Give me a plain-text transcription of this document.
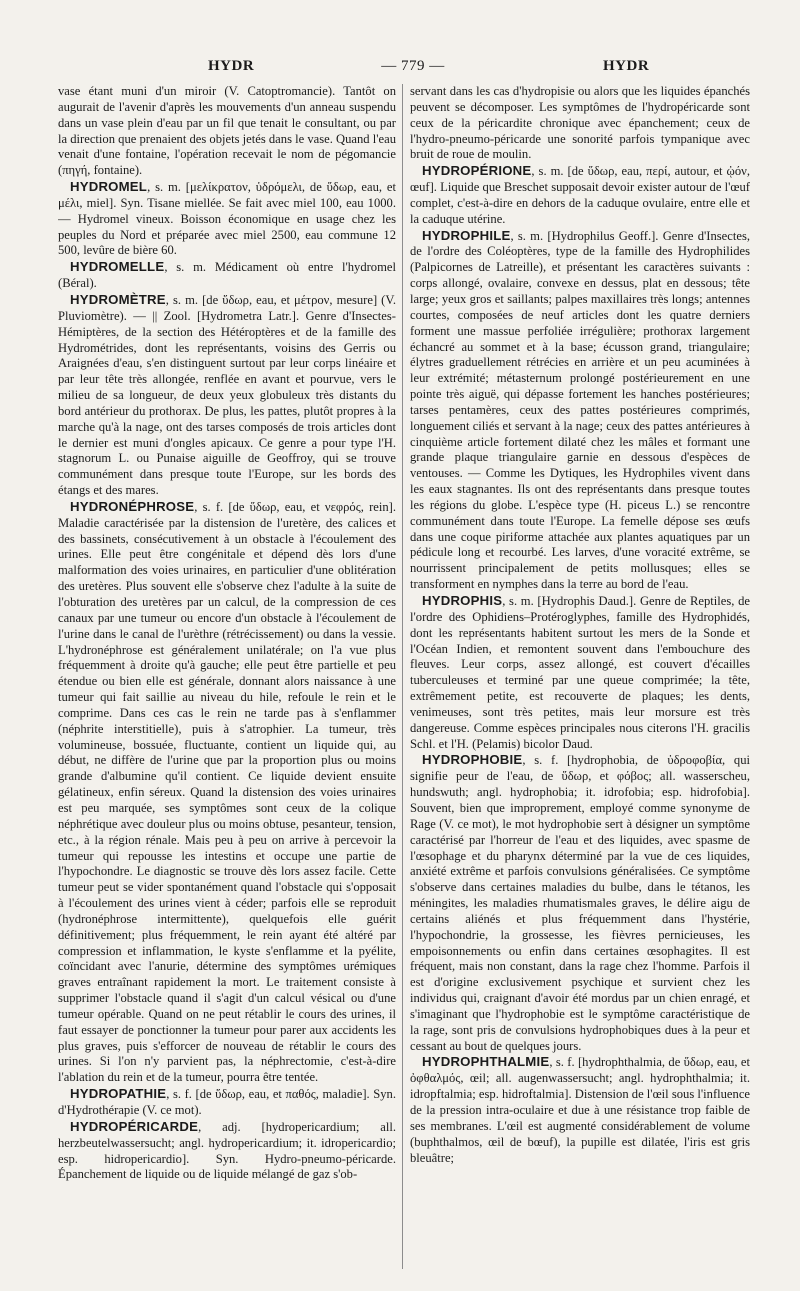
HYDR	— 779 —	HYDR

vase étant muni d'un miroir (V. Catoptromancie). Tantôt on augurait de l'avenir d'après les mouvements d'un anneau suspendu dans un vase plein d'eau par un fil que tenait le consultant, ou par la direction que prenaient des objets jetés dans le vase. Quand l'eau venait d'une fontaine, l'opération recevait le nom de pégomancie (πηγή, fontaine).

HYDROMEL, s. m. [μελίκρατον, ὑδρόμελι, de ὕδωρ, eau, et μέλι, miel]. Syn. Tisane miellée. Se fait avec miel 100, eau 1000. — Hydromel vineux. Boisson économique en usage chez les peuples du Nord et préparée avec miel 2500, eau commune 12 500, levûre de bière 60.

HYDROMELLE, s. m. Médicament où entre l'hydromel (Béral).

HYDROMÈTRE, s. m. [de ὕδωρ, eau, et μέτρον, mesure] (V. Pluviomètre). — || Zool. [Hydrometra Latr.]. Genre d'Insectes-Hémiptères, de la section des Hétéroptères et de la famille des Hydrométrides, dont les représentants, voisins des Gerris ou Araignées d'eau, s'en distinguent surtout par leur corps linéaire et par leur tête très allongée, renflée en avant et pourvue, vers le milieu de sa longueur, de deux yeux globuleux très distants du bord antérieur du prothorax. De plus, les pattes, plutôt propres à la marche qu'à la nage, ont des tarses composés de trois articles dont le dernier est muni d'ongles apicaux. Ce genre a pour type l'H. stagnorum L. ou Punaise aiguille de Geoffroy, qui se trouve communément dans presque toute l'Europe, sur les bords des étangs et des mares.

HYDRONÉPHROSE, s. f. [de ὕδωρ, eau, et νεφρός, rein]. Maladie caractérisée par la distension de l'uretère, des calices et des bassinets, consécutivement à un obstacle à l'écoulement des urines. Elle peut être congénitale et dépend dès lors d'une malformation des voies urinaires, en particulier d'une oblitération des uretères. Plus souvent elle s'observe chez l'adulte à la suite de l'obturation des uretères par un calcul, de la compression de ces canaux par une tumeur ou encore d'un obstacle à l'écoulement de l'urine dans le canal de l'urèthre (rétrécissement) ou dans la vessie. L'hydronéphrose est généralement unilatérale; on l'a vue plus fréquemment à droite qu'à gauche; elle peut être partielle et peu étendue ou bien elle est générale, donnant alors naissance à une tumeur qui fait saillie au niveau du hile, refoule le rein et le comprime. Dans ces cas le rein ne tarde pas à s'enflammer (néphrite interstitielle), puis à s'atrophier. La tumeur, très volumineuse, bossuée, fluctuante, contient un liquide qui, au début, ne diffère de l'urine que par la proportion plus ou moins grande d'albumine qu'il contient. Ce liquide devient ensuite gélatineux, enfin séreux. Quand la distension des voies urinaires est peu marquée, ses symptômes sont ceux de la colique néphrétique avec douleur plus ou moins obtuse, pesanteur, tension, etc., à la région rénale. Mais peu à peu on arrive à percevoir la tumeur qui repousse les intestins et occupe une partie de l'hypochondre. Le diagnostic se trouve dès lors assez facile. Cette tumeur peut se vider spontanément quand l'obstacle qui s'opposait à l'écoulement des urines vient à céder; parfois elle se reproduit (hydronéphrose intermittente), quelquefois elle guérit définitivement; plus fréquemment, le rein ayant été altéré par compression et inflammation, le kyste s'enflamme et la pyélite, coïncidant avec l'anurie, détermine des symptômes urémiques graves entraînant rapidement la mort. Le traitement consiste à supprimer l'obstacle quand il s'agit d'un calcul vésical ou d'une tumeur opérable. Quand on ne peut rétablir le cours des urines, il faut essayer de ponctionner la tumeur pour parer aux accidents les plus graves, puis s'efforcer de nouveau de rétablir le cours des urines. Si l'on n'y parvient pas, la néphrectomie, c'est-à-dire l'ablation du rein et de la tumeur, pourra être tentée.

HYDROPATHIE, s. f. [de ὕδωρ, eau, et παθός, maladie]. Syn. d'Hydrothérapie (V. ce mot).

HYDROPÉRICARDE, adj. [hydropericardium; all. herzbeutelwassersucht; angl. hydropericardium; it. idropericardio; esp. hidropericardio]. Syn. Hydro-pneumo-péricarde. Épanchement de liquide ou de liquide mélangé de gaz s'ob-

servant dans les cas d'hydropisie ou alors que les liquides épanchés peuvent se décomposer. Les symptômes de l'hydropéricarde sont ceux de la péricardite chronique avec épanchement; ceux de l'hydro-pneumo-péricarde une sonorité parfois tympanique avec bruit de roue de moulin.

HYDROPÉRIONE, s. m. [de ὕδωρ, eau, περί, autour, et ᾠόν, œuf]. Liquide que Breschet supposait devoir exister autour de l'œuf complet, c'est-à-dire en dehors de la caduque ovulaire, entre elle et la caduque utérine.

HYDROPHILE, s. m. [Hydrophilus Geoff.]. Genre d'Insectes, de l'ordre des Coléoptères, type de la famille des Hydrophilides (Palpicornes de Latreille), et présentant les caractères suivants : corps allongé, ovalaire, convexe en dessus, plat en dessous; tête large; yeux gros et saillants; palpes maxillaires très longs; antennes courtes, composées de neuf articles dont les quatre derniers forment une massue perfoliée irrégulière; prothorax largement échancré au sommet et à la base; écusson grand, triangulaire; élytres graduellement rétrécies en arrière et un peu acuminées à leur extrémité; métasternum prolongé postérieurement en une pointe très aiguë, qui dépasse fortement les hanches postérieures; tarses pentamères, ceux des pattes postérieures comprimés, longuement ciliés et servant à la nage; ceux des pattes antérieures à cinquième article fortement dilaté chez les mâles et formant une grande plaque triangulaire garnie en dessous d'espèces de ventouses. — Comme les Dytiques, les Hydrophiles vivent dans les eaux stagnantes. Ils ont des représentants dans presque toutes les régions du globe. L'espèce type (H. piceus L.) se rencontre communément dans toute l'Europe. La femelle dépose ses œufs dans une coque piriforme attachée aux plantes aquatiques par un pédicule long et recourbé. Les larves, d'une voracité extrême, se nourrissent principalement de petits mollusques; elles se transforment en nymphes dans la terre au bord de l'eau.

HYDROPHIS, s. m. [Hydrophis Daud.]. Genre de Reptiles, de l'ordre des Ophidiens–Protéroglyphes, famille des Hydrophidés, dont les représentants habitent surtout les mers de la Sonde et l'Océan Indien, et remontent souvent dans l'embouchure des fleuves. Leur corps, assez allongé, est couvert d'écailles tuberculeuses et terminé par une queue comprimée; la tête, extrêmement petite, est recouverte de plaques; les dents, venimeuses, sont très petites, mais leur morsure est très dangereuse. Comme espèces principales nous citerons l'H. gracilis Schl. et l'H. (Pelamis) bicolor Daud.

HYDROPHOBIE, s. f. [hydrophobia, de ὑδροφοβία, qui signifie peur de l'eau, de ὕδωρ, et φόβος; all. wasserscheu, hundswuth; angl. hydrophobia; it. idrofobia; esp. hidrofobia]. Souvent, bien que improprement, employé comme synonyme de Rage (V. ce mot), le mot hydrophobie sert à désigner un symptôme caractérisé par l'horreur de l'eau et des liquides, avec spasme de l'œsophage et du pharynx déterminé par la vue de ces liquides, anxiété extrême et parfois convulsions généralisées. Ce symptôme s'observe dans certaines maladies du bulbe, dans le tétanos, les méningites, les maladies rhumatismales graves, le délire aigu de certains aliénés et plus fréquemment dans l'hystérie, l'hypochondrie, la grossesse, les fièvres pernicieuses, les empoisonnements ou enfin dans certaines œsophagites. Il est fréquent, mais non constant, dans la rage chez l'homme. Parfois il est d'origine exclusivement psychique et survient chez les individus qui, craignant d'avoir été mordus par un chien enragé, et s'imaginant que l'hydrophobie est le symptôme caractéristique de la rage, sont pris de convulsions hydrophobiques dues à la peur et cessant au bout de quelques jours.

HYDROPHTHALMIE, s. f. [hydrophthalmia, de ὕδωρ, eau, et ὀφθαλμός, œil; all. augenwassersucht; angl. hydrophthalmia; it. idropftalmia; esp. hidroftalmia]. Distension de l'œil sous l'influence de la pression intra-oculaire et due à une résistance trop faible de ses membranes. L'œil est augmenté considérablement de volume (buphthalmos, œil de bœuf), la pupille est dilatée, l'iris est gris bleuâtre;
